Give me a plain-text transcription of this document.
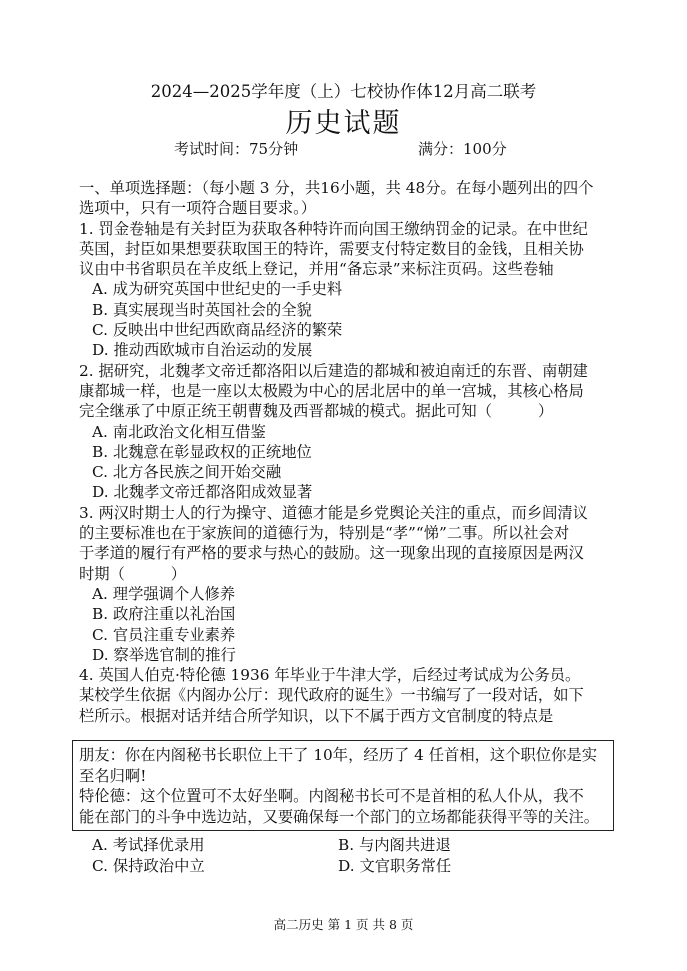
2024—2025学年度（上）七校协作体12月高二联考
历史试题
考试时间：75分钟	满分：100分
一、单项选择题：（每小题 3 分，共16小题，共 48分。在每小题列出的四个
选项中，只有一项符合题目要求。）
1. 罚金卷轴是有关封臣为获取各种特许而向国王缴纳罚金的记录。在中世纪
英国，封臣如果想要获取国王的特许，需要支付特定数目的金钱，且相关协
议由中书省职员在羊皮纸上登记，并用“备忘录”来标注页码。这些卷轴
A. 成为研究英国中世纪史的一手史料
B. 真实展现当时英国社会的全貌
C. 反映出中世纪西欧商品经济的繁荣
D. 推动西欧城市自治运动的发展
2. 据研究，北魏孝文帝迁都洛阳以后建造的都城和被迫南迁的东晋、南朝建
康都城一样，也是一座以太极殿为中心的居北居中的单一宫城，其核心格局
完全继承了中原正统王朝曹魏及西晋都城的模式。据此可知（　　　）
A. 南北政治文化相互借鉴
B. 北魏意在彰显政权的正统地位
C. 北方各民族之间开始交融
D. 北魏孝文帝迁都洛阳成效显著
3. 两汉时期士人的行为操守、道德才能是乡党舆论关注的重点，而乡闾清议
的主要标准也在于家族间的道德行为，特别是“孝”“悌”二事。所以社会对
于孝道的履行有严格的要求与热心的鼓励。这一现象出现的直接原因是两汉
时期（　　　）
A. 理学强调个人修养
B. 政府注重以礼治国
C. 官员注重专业素养
D. 察举选官制的推行
4. 英国人伯克·特伦德 1936 年毕业于牛津大学，后经过考试成为公务员。
某校学生依据《内阁办公厅：现代政府的诞生》一书编写了一段对话，如下
栏所示。根据对话并结合所学知识，以下不属于西方文官制度的特点是
朋友：你在内阁秘书长职位上干了 10年，经历了 4 任首相，这个职位你是实
至名归啊!
特伦德：这个位置可不太好坐啊。内阁秘书长可不是首相的私人仆从，我不
能在部门的斗争中选边站，又要确保每一个部门的立场都能获得平等的关注。
A. 考试择优录用	B. 与内阁共进退
C. 保持政治中立	D. 文官职务常任
高二历史 第 1 页 共 8 页
